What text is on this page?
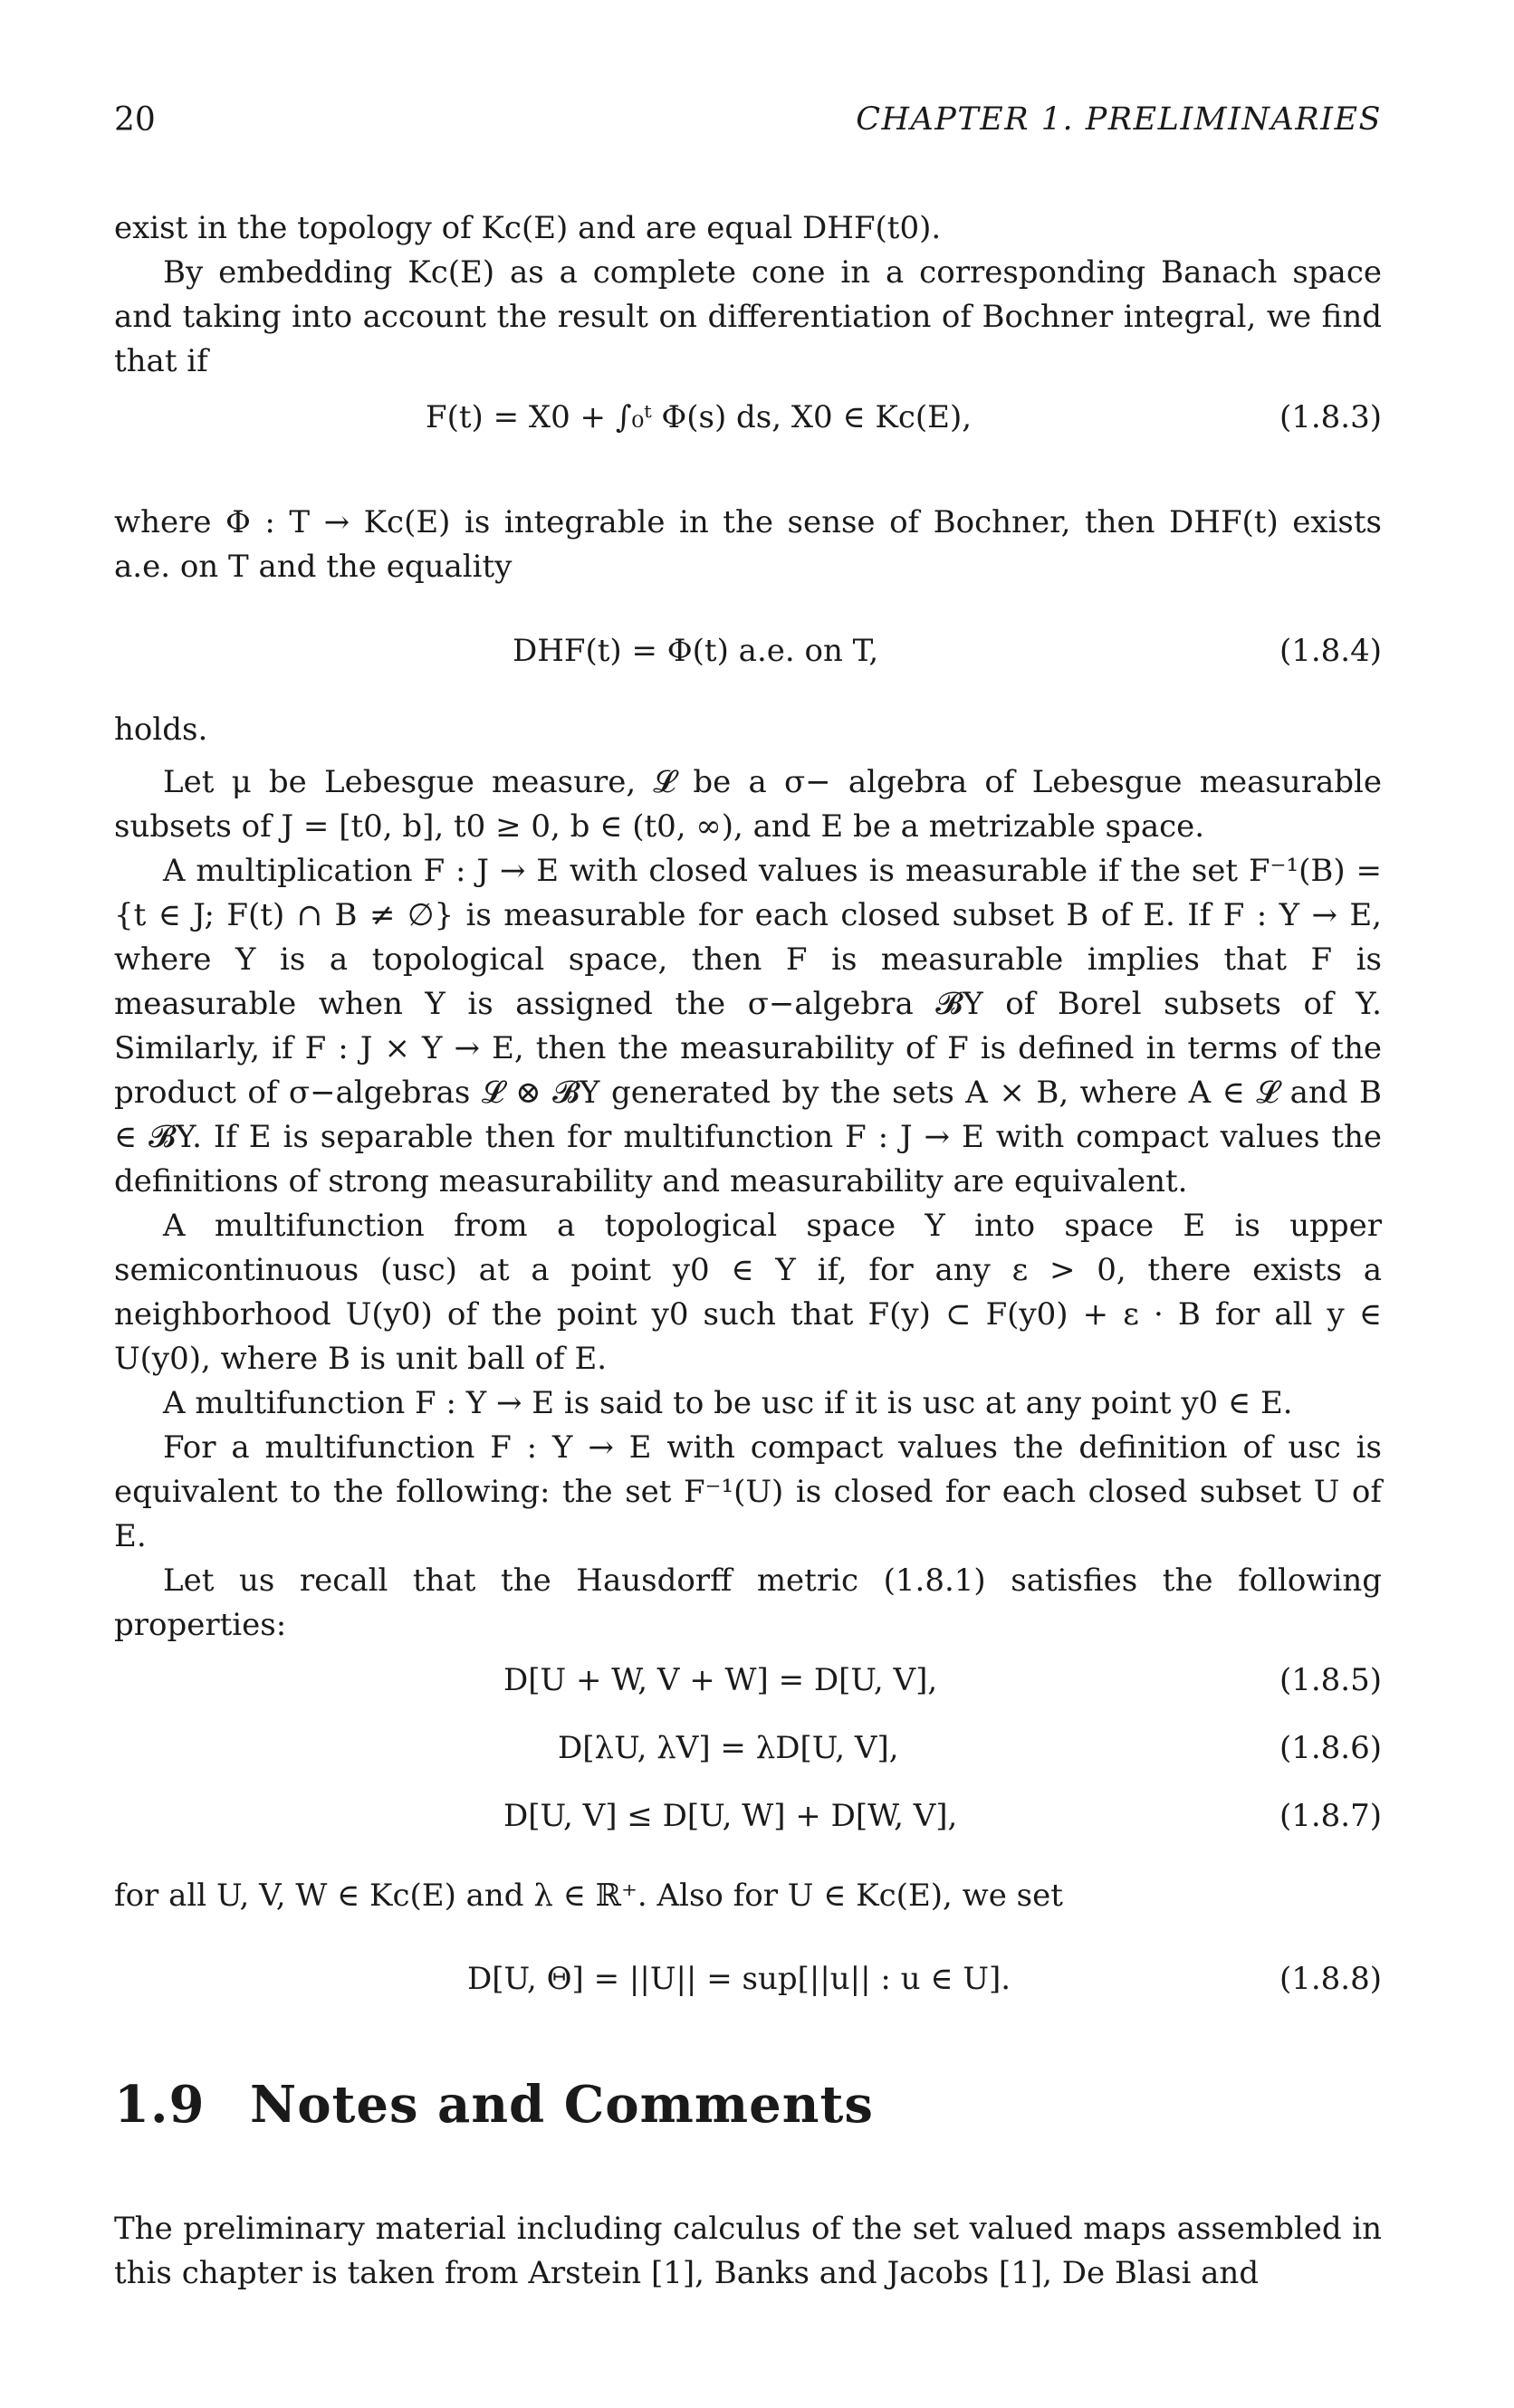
20	CHAPTER 1. PRELIMINARIES
exist in the topology of Kc(E) and are equal DHF(t0).
By embedding Kc(E) as a complete cone in a corresponding Banach space and taking into account the result on differentiation of Bochner integral, we find that if
F(t) = X0 + ∫₀ᵗ Φ(s) ds, X0 ∈ Kc(E),	(1.8.3)
where Φ : T → Kc(E) is integrable in the sense of Bochner, then DHF(t) exists a.e. on T and the equality
DHF(t) = Φ(t) a.e. on T,	(1.8.4)
holds.
Let μ be Lebesgue measure, 𝓛 be a σ− algebra of Lebesgue measurable subsets of J = [t0, b], t0 ≥ 0, b ∈ (t0, ∞), and E be a metrizable space.
A multiplication F : J → E with closed values is measurable if the set F⁻¹(B) = {t ∈ J; F(t) ∩ B ≠ ∅} is measurable for each closed subset B of E. If F : Y → E, where Y is a topological space, then F is measurable implies that F is measurable when Y is assigned the σ−algebra 𝓑Y of Borel subsets of Y. Similarly, if F : J × Y → E, then the measurability of F is defined in terms of the product of σ−algebras 𝓛 ⊗ 𝓑Y generated by the sets A × B, where A ∈ 𝓛 and B ∈ 𝓑Y. If E is separable then for multifunction F : J → E with compact values the definitions of strong measurability and measurability are equivalent.
A multifunction from a topological space Y into space E is upper semicontinuous (usc) at a point y0 ∈ Y if, for any ε > 0, there exists a neighborhood U(y0) of the point y0 such that F(y) ⊂ F(y0) + ε · B for all y ∈ U(y0), where B is unit ball of E.
A multifunction F : Y → E is said to be usc if it is usc at any point y0 ∈ E.
For a multifunction F : Y → E with compact values the definition of usc is equivalent to the following: the set F⁻¹(U) is closed for each closed subset U of E.
Let us recall that the Hausdorff metric (1.8.1) satisfies the following properties:
D[U + W, V + W] = D[U, V],	(1.8.5)
D[λU, λV] = λD[U, V],	(1.8.6)
D[U, V] ≤ D[U, W] + D[W, V],	(1.8.7)
for all U, V, W ∈ Kc(E) and λ ∈ ℝ⁺. Also for U ∈ Kc(E), we set
D[U, Θ] = ||U|| = sup[||u|| : u ∈ U].	(1.8.8)
1.9 Notes and Comments
The preliminary material including calculus of the set valued maps assembled in this chapter is taken from Arstein [1], Banks and Jacobs [1], De Blasi and
